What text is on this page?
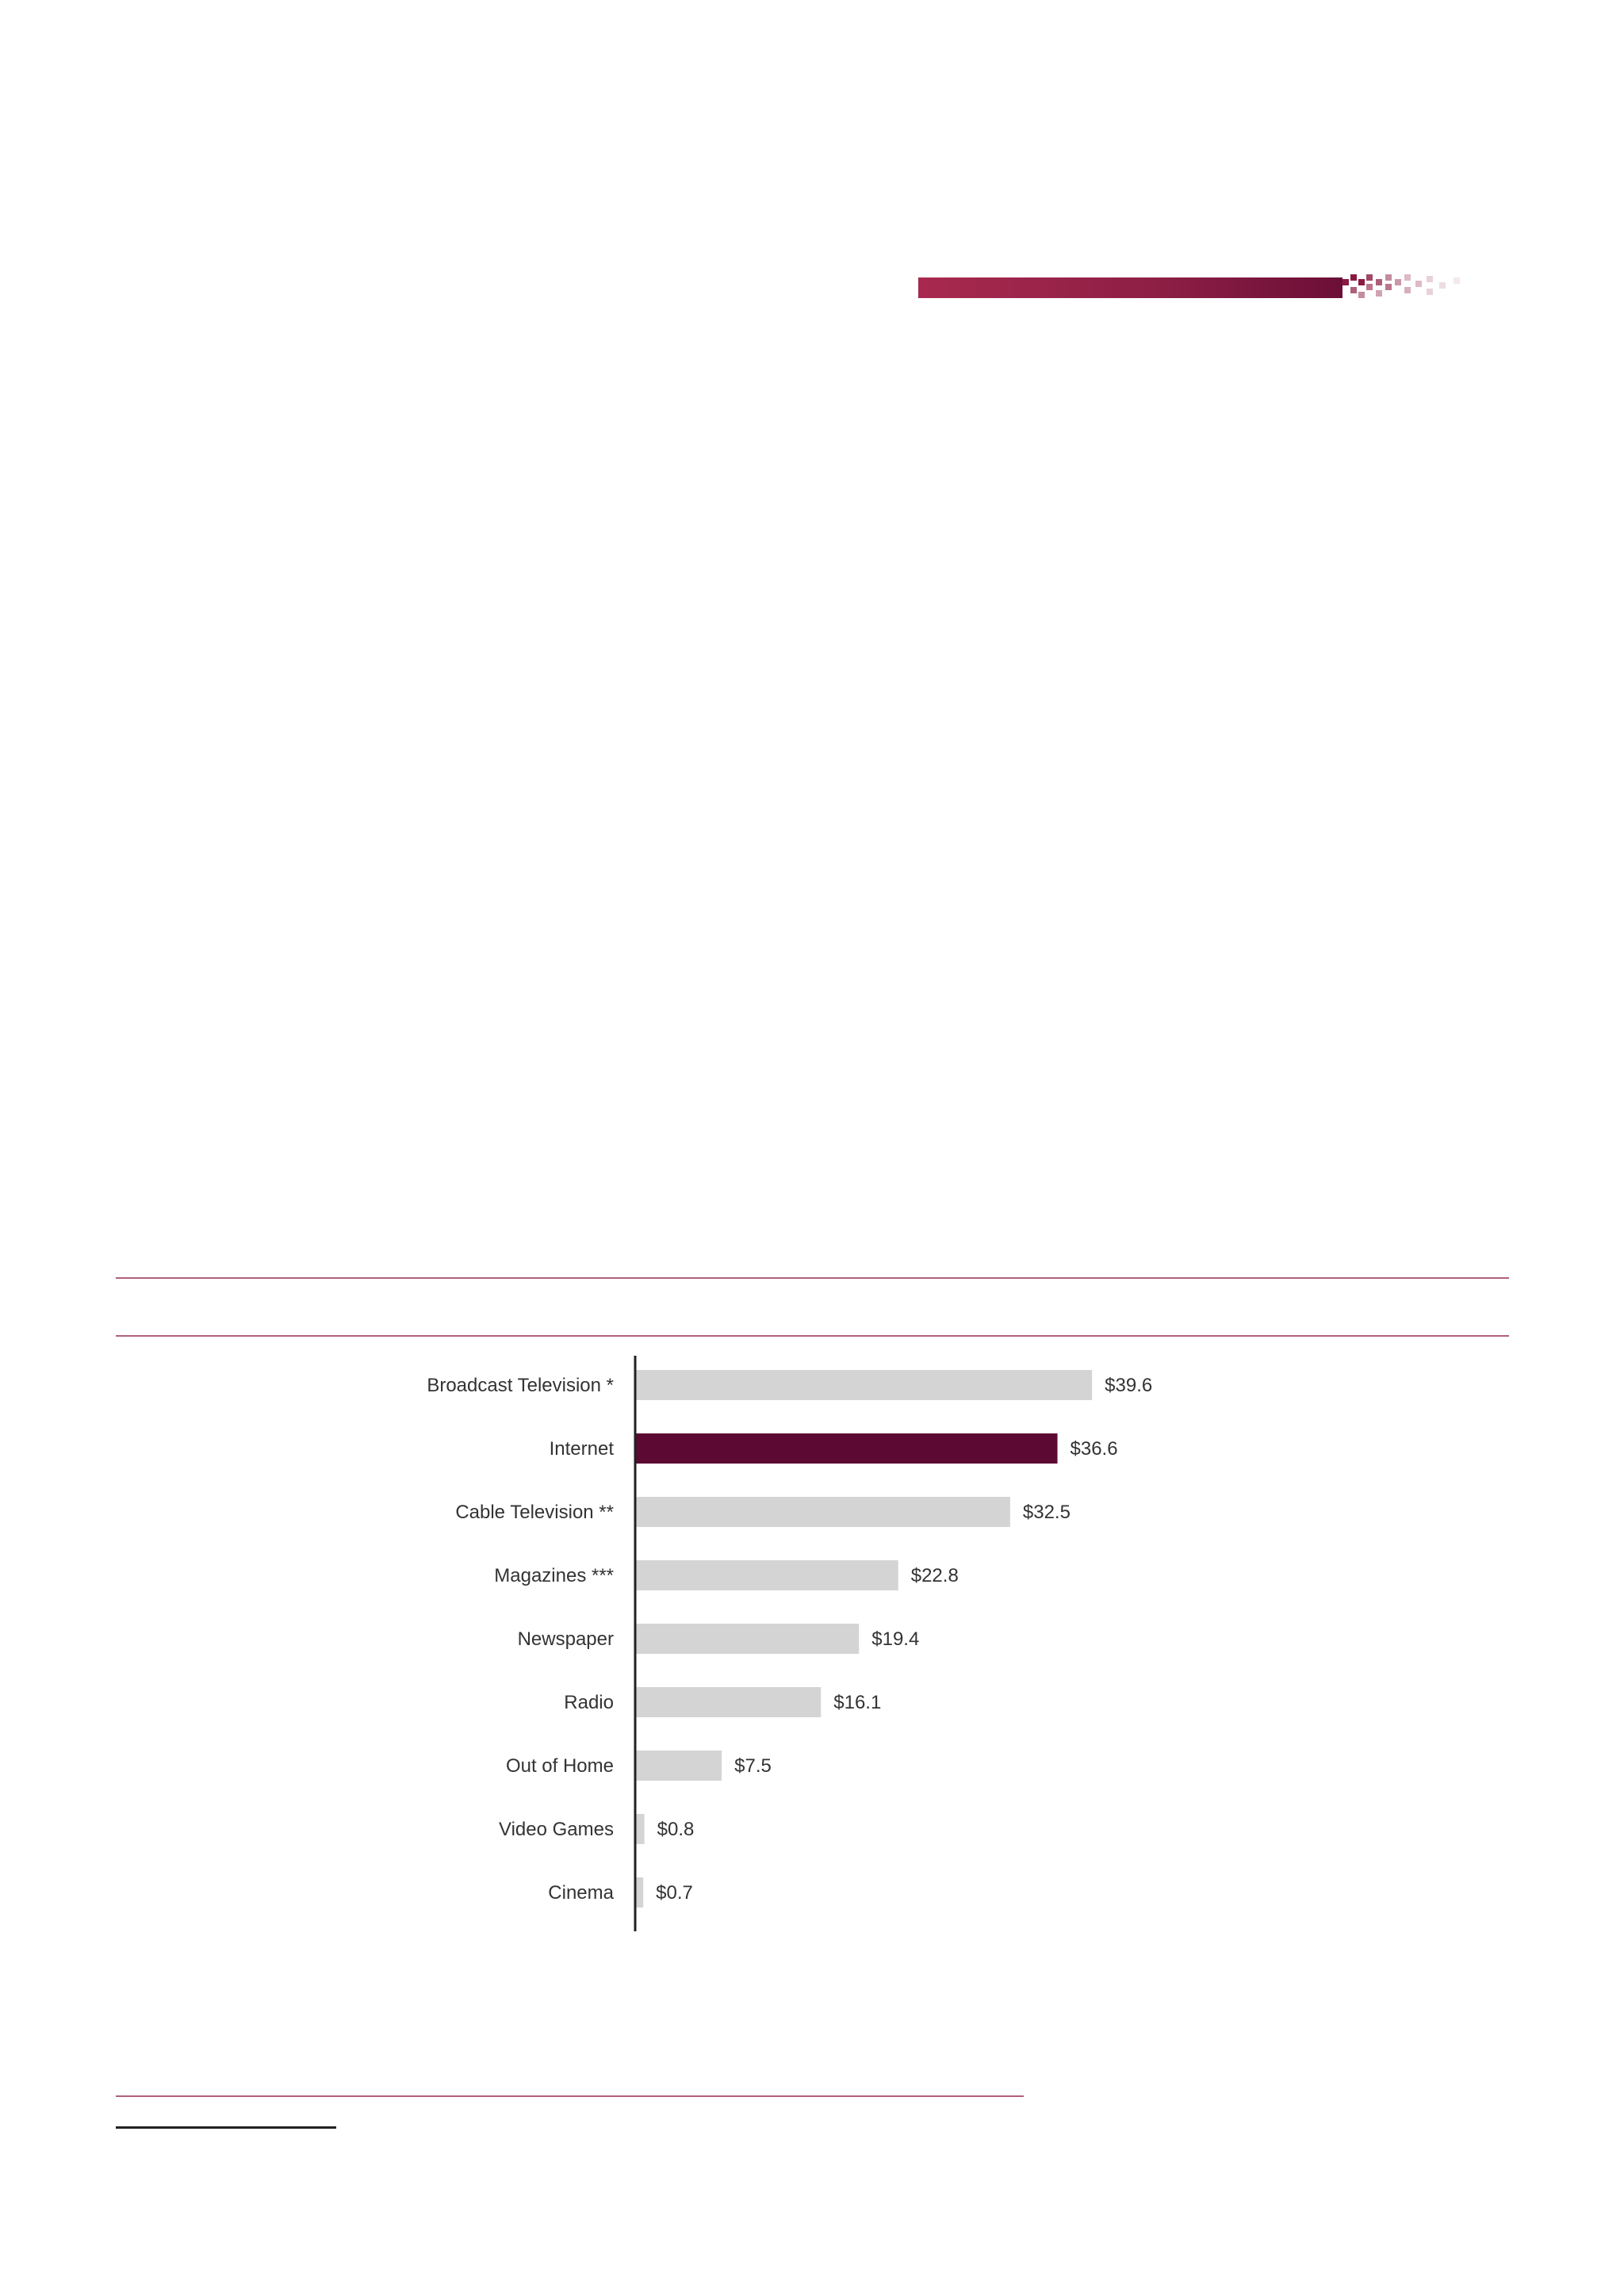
Broadcast Television *	$39.6
Internet	$36.6
Cable Television **	$32.5
Magazines ***	$22.8
Newspaper	$19.4
Radio	$16.1
Out of Home	$7.5
Video Games $0.8
Cinema $0.7
